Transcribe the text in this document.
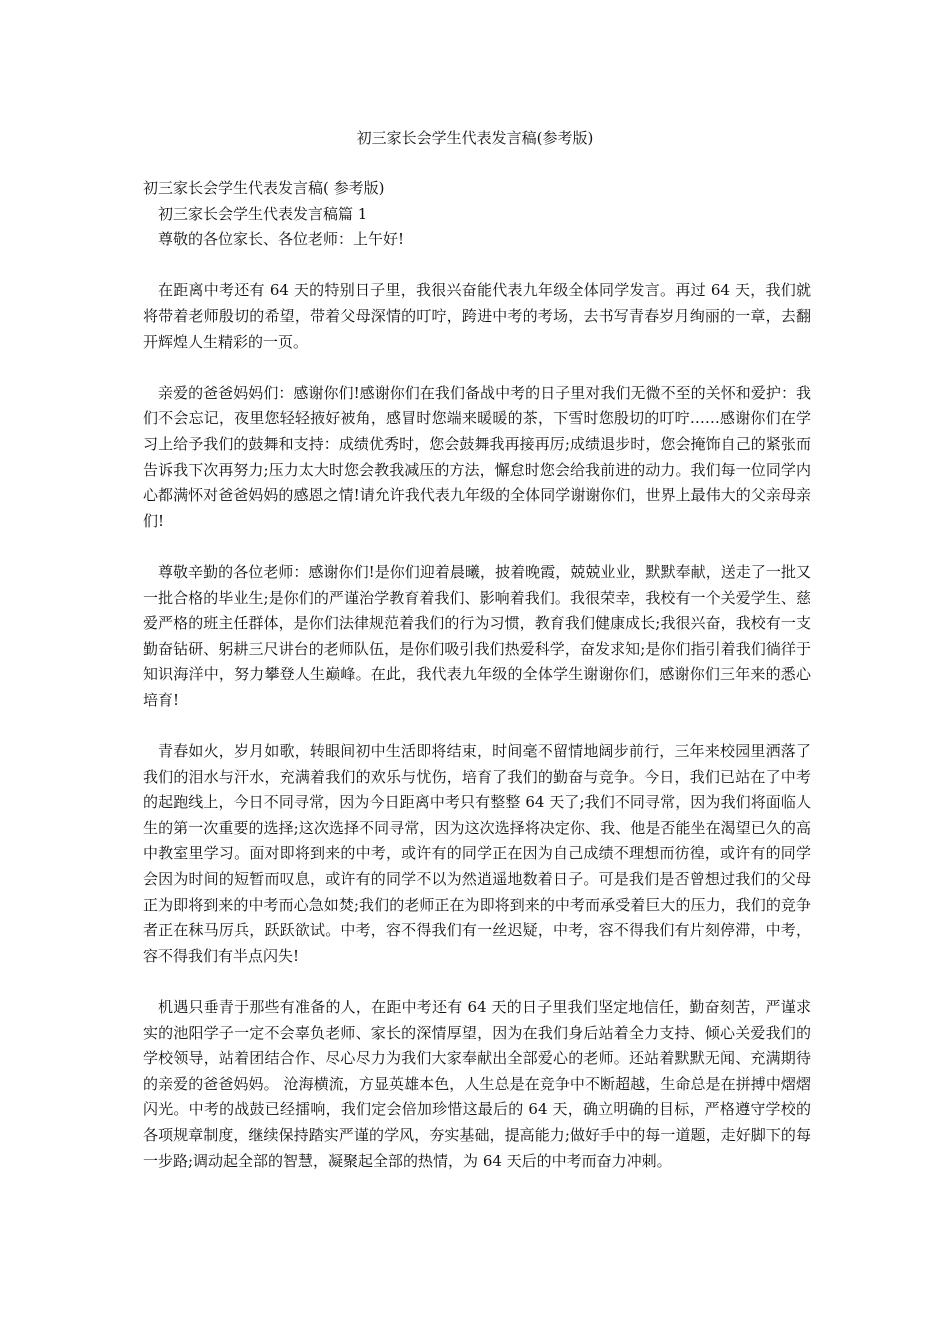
初三家长会学生代表发言稿(参考版)

初三家长会学生代表发言稿( 参考版)

初三家长会学生代表发言稿篇 1

尊敬的各位家长、各位老师：上午好!

在距离中考还有 64 天的特别日子里，我很兴奋能代表九年级全体同学发言。再过 64 天，我们就将带着老师殷切的希望，带着父母深情的叮咛，跨进中考的考场，去书写青春岁月绚丽的一章，去翻开辉煌人生精彩的一页。

亲爱的爸爸妈妈们：感谢你们!感谢你们在我们备战中考的日子里对我们无微不至的关怀和爱护：我们不会忘记，夜里您轻轻掖好被角，感冒时您端来暖暖的茶，下雪时您殷切的叮咛……感谢你们在学习上给予我们的鼓舞和支持：成绩优秀时，您会鼓舞我再接再厉;成绩退步时，您会掩饰自己的紧张而告诉我下次再努力;压力太大时您会教我减压的方法，懈怠时您会给我前进的动力。我们每一位同学内心都满怀对爸爸妈妈的感恩之情!请允许我代表九年级的全体同学谢谢你们，世界上最伟大的父亲母亲们!

尊敬辛勤的各位老师：感谢你们!是你们迎着晨曦，披着晚霞，兢兢业业，默默奉献，送走了一批又一批合格的毕业生;是你们的严谨治学教育着我们、影响着我们。我很荣幸，我校有一个关爱学生、慈爱严格的班主任群体，是你们法律规范着我们的行为习惯，教育我们健康成长;我很兴奋，我校有一支勤奋钻研、躬耕三尺讲台的老师队伍，是你们吸引我们热爱科学，奋发求知;是你们指引着我们徜徉于知识海洋中，努力攀登人生巅峰。在此，我代表九年级的全体学生谢谢你们，感谢你们三年来的悉心培育!

青春如火，岁月如歌，转眼间初中生活即将结束，时间毫不留情地阔步前行，三年来校园里洒落了我们的泪水与汗水，充满着我们的欢乐与忧伤，培育了我们的勤奋与竞争。今日，我们已站在了中考的起跑线上，今日不同寻常，因为今日距离中考只有整整 64 天了;我们不同寻常，因为我们将面临人生的第一次重要的选择;这次选择不同寻常，因为这次选择将决定你、我、他是否能坐在渴望已久的高中教室里学习。面对即将到来的中考，或许有的同学正在因为自己成绩不理想而彷徨，或许有的同学会因为时间的短暂而叹息，或许有的同学不以为然逍遥地数着日子。可是我们是否曾想过我们的父母正为即将到来的中考而心急如焚;我们的老师正在为即将到来的中考而承受着巨大的压力，我们的竞争者正在秣马厉兵，跃跃欲试。中考，容不得我们有一丝迟疑，中考，容不得我们有片刻停滞，中考，容不得我们有半点闪失!

机遇只垂青于那些有准备的人，在距中考还有 64 天的日子里我们坚定地信任，勤奋刻苦，严谨求实的池阳学子一定不会辜负老师、家长的深情厚望，因为在我们身后站着全力支持、倾心关爱我们的学校领导，站着团结合作、尽心尽力为我们大家奉献出全部爱心的老师。还站着默默无闻、充满期待的亲爱的爸爸妈妈。 沧海横流，方显英雄本色，人生总是在竞争中不断超越，生命总是在拼搏中熠熠闪光。中考的战鼓已经擂响，我们定会倍加珍惜这最后的 64 天，确立明确的目标，严格遵守学校的各项规章制度，继续保持踏实严谨的学风，夯实基础，提高能力;做好手中的每一道题，走好脚下的每一步路;调动起全部的智慧，凝聚起全部的热情，为 64 天后的中考而奋力冲刺。
